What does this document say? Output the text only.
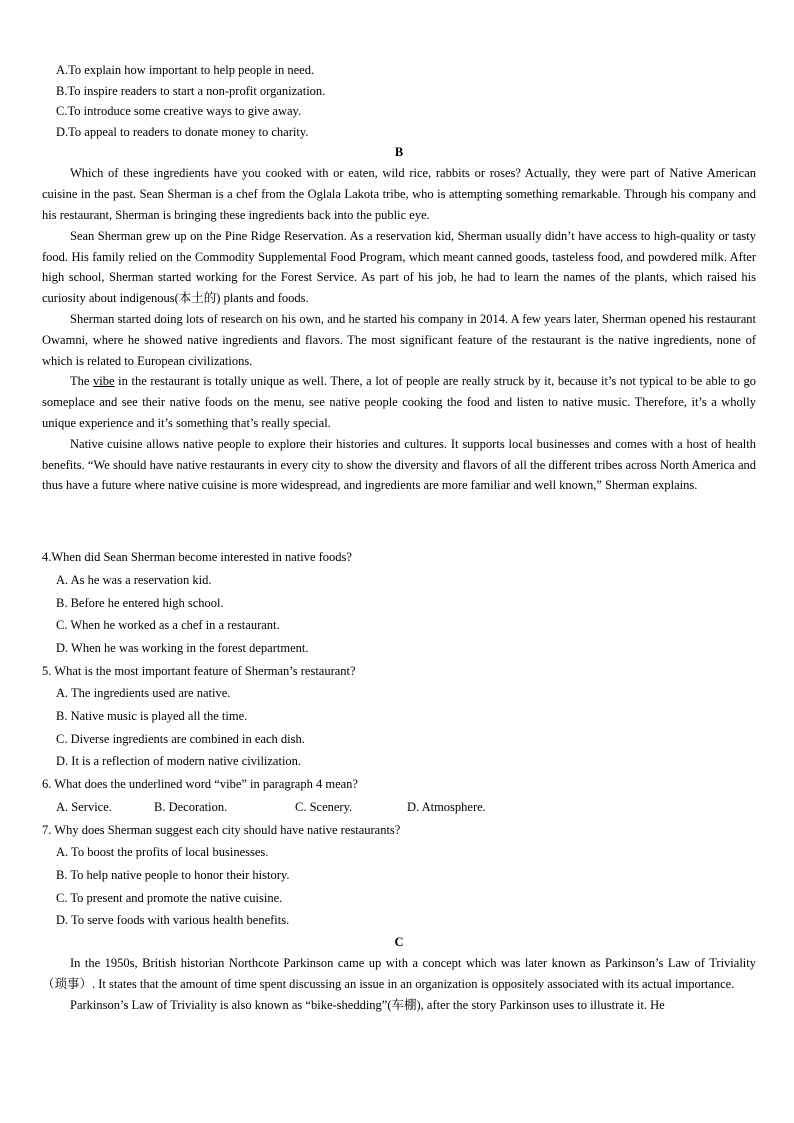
A.To explain how important to help people in need.
B.To inspire readers to start a non-profit organization.
C.To introduce some creative ways to give away.
D.To appeal to readers to donate money to charity.
B

Which of these ingredients have you cooked with or eaten, wild rice, rabbits or roses? Actually, they were part of Native American cuisine in the past. Sean Sherman is a chef from the Oglala Lakota tribe, who is attempting something remarkable. Through his company and his restaurant, Sherman is bringing these ingredients back into the public eye.

Sean Sherman grew up on the Pine Ridge Reservation. As a reservation kid, Sherman usually didn’t have access to high-quality or tasty food. His family relied on the Commodity Supplemental Food Program, which meant canned goods, tasteless food, and powdered milk. After high school, Sherman started working for the Forest Service. As part of his job, he had to learn the names of the plants, which raised his curiosity about indigenous(本土的) plants and foods.

Sherman started doing lots of research on his own, and he started his company in 2014. A few years later, Sherman opened his restaurant Owamni, where he showed native ingredients and flavors. The most significant feature of the restaurant is the native ingredients, none of which is related to European civilizations.

The vibe in the restaurant is totally unique as well. There, a lot of people are really struck by it, because it’s not typical to be able to go someplace and see their native foods on the menu, see native people cooking the food and listen to native music. Therefore, it’s a wholly unique experience and it’s something that’s really special.

Native cuisine allows native people to explore their histories and cultures. It supports local businesses and comes with a host of health benefits. “We should have native restaurants in every city to show the diversity and flavors of all the different tribes across North America and thus have a future where native cuisine is more widespread, and ingredients are more familiar and well known,” Sherman explains.

4.When did Sean Sherman become interested in native foods?
A. As he was a reservation kid.
B. Before he entered high school.
C. When he worked as a chef in a restaurant.
D. When he was working in the forest department.
5. What is the most important feature of Sherman’s restaurant?
A. The ingredients used are native.
B. Native music is played all the time.
C. Diverse ingredients are combined in each dish.
D. It is a reflection of modern native civilization.
6. What does the underlined word “vibe” in paragraph 4 mean?
A. Service.	B. Decoration.	C. Scenery.	D. Atmosphere.
7. Why does Sherman suggest each city should have native restaurants?
A. To boost the profits of local businesses.
B. To help native people to honor their history.
C. To present and promote the native cuisine.
D. To serve foods with various health benefits.
C

In the 1950s, British historian Northcote Parkinson came up with a concept which was later known as Parkinson’s Law of Triviality （琐事）. It states that the amount of time spent discussing an issue in an organization is oppositely associated with its actual importance.

Parkinson’s Law of Triviality is also known as “bike-shedding”(车棚), after the story Parkinson uses to illustrate it. He
